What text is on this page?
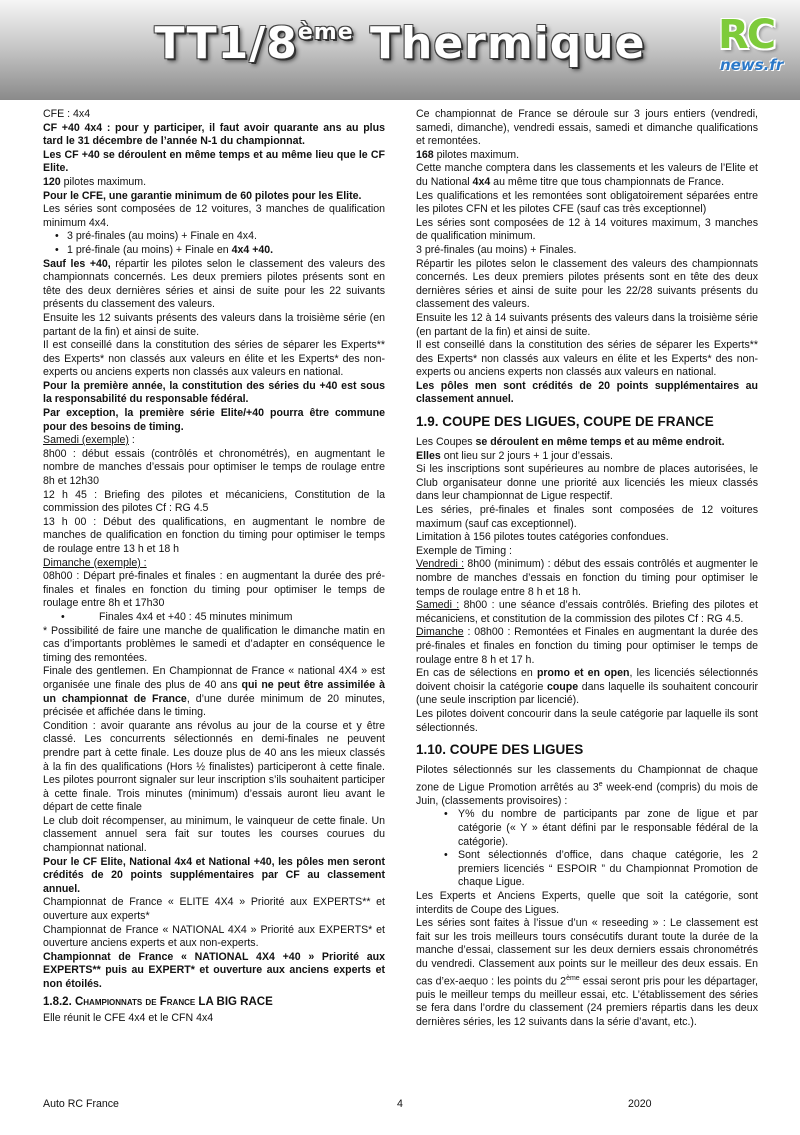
TT1/8ème Thermique	RC
news.fr

CFE : 4x4

CF +40 4x4 : pour y participer, il faut avoir quarante ans au plus tard le 31 décembre de l’année N-1 du championnat.

Les CF +40 se déroulent en même temps et au même lieu que le CF Elite.

120 pilotes maximum.

Pour le CFE, une garantie minimum de 60 pilotes pour les Elite.

Les séries sont composées de 12 voitures, 3 manches de qualification minimum 4x4.

• 3 pré-finales (au moins) + Finale en 4x4.
• 1 pré-finale (au moins) + Finale en 4x4 +40.

Sauf les +40, répartir les pilotes selon le classement des valeurs des championnats concernés. Les deux premiers pilotes présents sont en tête des deux dernières séries et ainsi de suite pour les 22 suivants présents du classement des valeurs.

Ensuite les 12 suivants présents des valeurs dans la troisième série (en partant de la fin) et ainsi de suite.

Il est conseillé dans la constitution des séries de séparer les Experts** des Experts* non classés aux valeurs en élite et les Experts* des non-experts ou anciens experts non classés aux valeurs en national.

Pour la première année, la constitution des séries du +40 est sous la responsabilité du responsable fédéral.

Par exception, la première série Elite/+40 pourra être commune pour des besoins de timing.

Samedi (exemple) :

8h00 : début essais (contrôlés et chronométrés), en augmentant le nombre de manches d’essais pour optimiser le temps de roulage entre 8h et 12h30

12 h 45 : Briefing des pilotes et mécaniciens, Constitution de la commission des pilotes Cf : RG 4.5

13 h 00 : Début des qualifications, en augmentant le nombre de manches de qualification en fonction du timing pour optimiser le temps de roulage entre 13 h et 18 h

Dimanche (exemple) :

08h00 : Départ pré-finales et finales : en augmentant la durée des pré-finales et finales en fonction du timing pour optimiser le temps de roulage entre 8h et 17h30

•	Finales 4x4 et +40 : 45 minutes minimum

* Possibilité de faire une manche de qualification le dimanche matin en cas d’importants problèmes le samedi et d’adapter en conséquence le timing des remontées.

Finale des gentlemen. En Championnat de France « national 4X4 » est organisée une finale des plus de 40 ans qui ne peut être assimilée à un championnat de France, d’une durée minimum de 20 minutes, précisée et affichée dans le timing.

Condition : avoir quarante ans révolus au jour de la course et y être classé. Les concurrents sélectionnés en demi-finales ne peuvent prendre part à cette finale. Les douze plus de 40 ans les mieux classés à la fin des qualifications (Hors ½ finalistes) participeront à cette finale. Les pilotes pourront signaler sur leur inscription s’ils souhaitent participer à cette finale. Trois minutes (minimum) d’essais auront lieu avant le départ de cette finale

Le club doit récompenser, au minimum, le vainqueur de cette finale. Un classement annuel sera fait sur toutes les courses courues du championnat national.

Pour le CF Elite, National 4x4 et National +40, les pôles men seront crédités de 20 points supplémentaires par CF au classement annuel.

Championnat de France « ELITE 4X4 » Priorité aux EXPERTS** et ouverture aux experts*

Championnat de France « NATIONAL 4X4 » Priorité aux EXPERTS* et ouverture anciens experts et aux non-experts.

Championnat de France « NATIONAL 4X4 +40 » Priorité aux EXPERTS** puis au EXPERT* et ouverture aux anciens experts et non étoilés.

1.8.2. Championnats de France LA BIG RACE

Elle réunit le CFE 4x4 et le CFN 4x4

Ce championnat de France se déroule sur 3 jours entiers (vendredi, samedi, dimanche), vendredi essais, samedi et dimanche qualifications et remontées.

168 pilotes maximum.

Cette manche comptera dans les classements et les valeurs de l’Elite et du National 4x4 au même titre que tous championnats de France.

Les qualifications et les remontées sont obligatoirement séparées entre les pilotes CFN et les pilotes CFE (sauf cas très exceptionnel)

Les séries sont composées de 12 à 14 voitures maximum, 3 manches de qualification minimum.

3 pré-finales (au moins) + Finales.

Répartir les pilotes selon le classement des valeurs des championnats concernés. Les deux premiers pilotes présents sont en tête des deux dernières séries et ainsi de suite pour les 22/28 suivants présents du classement des valeurs.

Ensuite les 12 à 14 suivants présents des valeurs dans la troisième série (en partant de la fin) et ainsi de suite.

Il est conseillé dans la constitution des séries de séparer les Experts** des Experts* non classés aux valeurs en élite et les Experts* des non-experts ou anciens experts non classés aux valeurs en national.

Les pôles men sont crédités de 20 points supplémentaires au classement annuel.

1.9. COUPE DES LIGUES, COUPE DE FRANCE

Les Coupes se déroulent en même temps et au même endroit.

Elles ont lieu sur 2 jours + 1 jour d’essais.

Si les inscriptions sont supérieures au nombre de places autorisées, le Club organisateur donne une priorité aux licenciés les mieux classés dans leur championnat de Ligue respectif.

Les séries, pré-finales et finales sont composées de 12 voitures maximum (sauf cas exceptionnel).

Limitation à 156 pilotes toutes catégories confondues.

Exemple de Timing :

Vendredi : 8h00 (minimum) : début des essais contrôlés et augmenter le nombre de manches d’essais en fonction du timing pour optimiser le temps de roulage entre 8 h et 18 h.

Samedi : 8h00 : une séance d’essais contrôlés. Briefing des pilotes et mécaniciens, et constitution de la commission des pilotes Cf : RG 4.5.

Dimanche : 08h00 : Remontées et Finales en augmentant la durée des pré-finales et finales en fonction du timing pour optimiser le temps de roulage entre 8 h et 17 h.

En cas de sélections en promo et en open, les licenciés sélectionnés doivent choisir la catégorie coupe dans laquelle ils souhaitent concourir (une seule inscription par licencié).

Les pilotes doivent concourir dans la seule catégorie par laquelle ils sont sélectionnés.

1.10. COUPE DES LIGUES

Pilotes sélectionnés sur les classements du Championnat de chaque zone de Ligue Promotion arrêtés au 3e week-end (compris) du mois de Juin, (classements provisoires) :

• Y% du nombre de participants par zone de ligue et par catégorie (« Y » étant défini par le responsable fédéral de la catégorie).
• Sont sélectionnés d’office, dans chaque catégorie, les 2 premiers licenciés “ ESPOIR ” du Championnat Promotion de chaque Ligue.

Les Experts et Anciens Experts, quelle que soit la catégorie, sont interdits de Coupe des Ligues.

Les séries sont faites à l’issue d’un « reseeding » : Le classement est fait sur les trois meilleurs tours consécutifs durant toute la durée de la manche d’essai, classement sur les deux derniers essais chronométrés du vendredi. Classement aux points sur le meilleur des deux essais. En cas d’ex-aequo : les points du 2ème essai seront pris pour les départager, puis le meilleur temps du meilleur essai, etc. L’établissement des séries se fera dans l’ordre du classement (24 premiers répartis dans les deux dernières séries, les 12 suivants dans la série d’avant, etc.).

Auto RC France	4	2020
